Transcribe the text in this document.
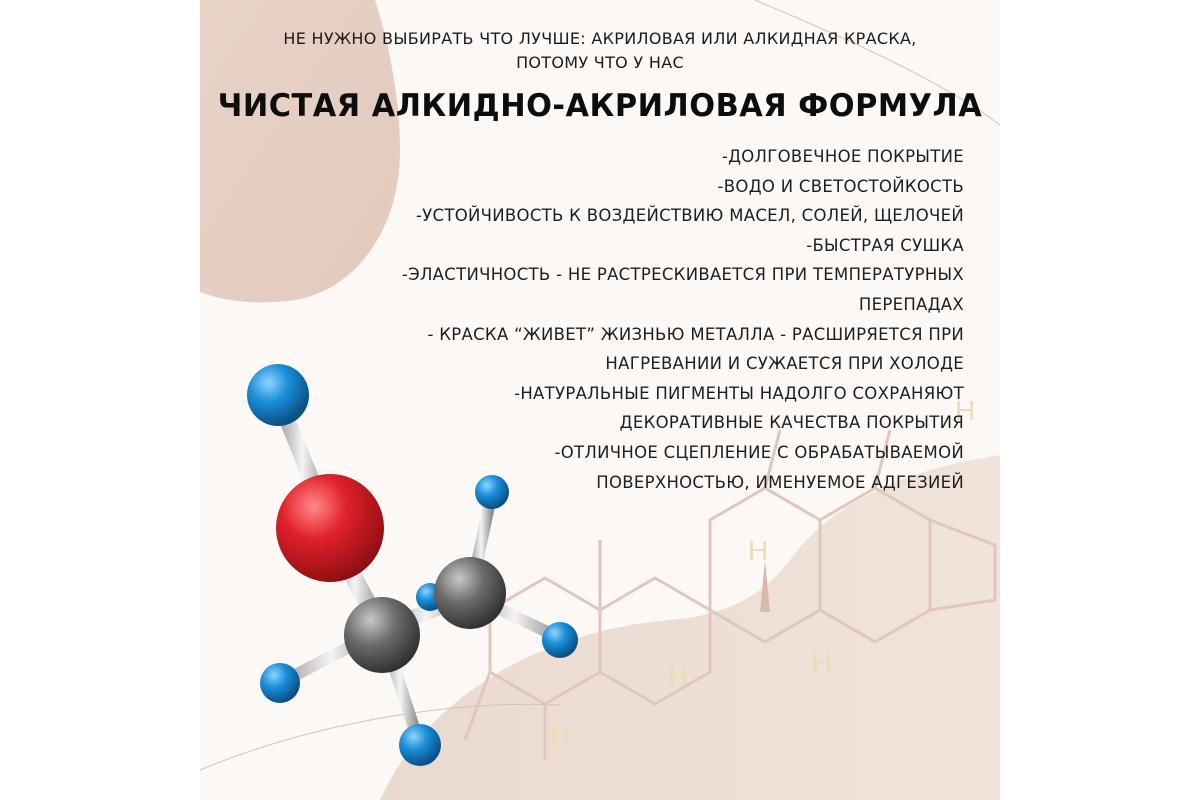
H
H
H
H
H
НЕ НУЖНО ВЫБИРАТЬ ЧТО ЛУЧШЕ: АКРИЛОВАЯ ИЛИ АЛКИДНАЯ КРАСКА,
ПОТОМУ ЧТО У НАС
ЧИСТАЯ АЛКИДНО-АКРИЛОВАЯ ФОРМУЛА
-ДОЛГОВЕЧНОЕ ПОКРЫТИЕ
-ВОДО И СВЕТОСТОЙКОСТЬ
-УСТОЙЧИВОСТЬ К ВОЗДЕЙСТВИЮ МАСЕЛ, СОЛЕЙ, ЩЕЛОЧЕЙ
-БЫСТРАЯ СУШКА
-ЭЛАСТИЧНОСТЬ - НЕ РАСТРЕСКИВАЕТСЯ ПРИ ТЕМПЕРАТУРНЫХ
ПЕРЕПАДАХ
- КРАСКА “ЖИВЕТ” ЖИЗНЬЮ МЕТАЛЛА - РАСШИРЯЕТСЯ ПРИ
НАГРЕВАНИИ И СУЖАЕТСЯ ПРИ ХОЛОДЕ
-НАТУРАЛЬНЫЕ ПИГМЕНТЫ НАДОЛГО СОХРАНЯЮТ
ДЕКОРАТИВНЫЕ КАЧЕСТВА ПОКРЫТИЯ
-ОТЛИЧНОЕ СЦЕПЛЕНИЕ С ОБРАБАТЫВАЕМОЙ
ПОВЕРХНОСТЬЮ, ИМЕНУЕМОЕ АДГЕЗИЕЙ
